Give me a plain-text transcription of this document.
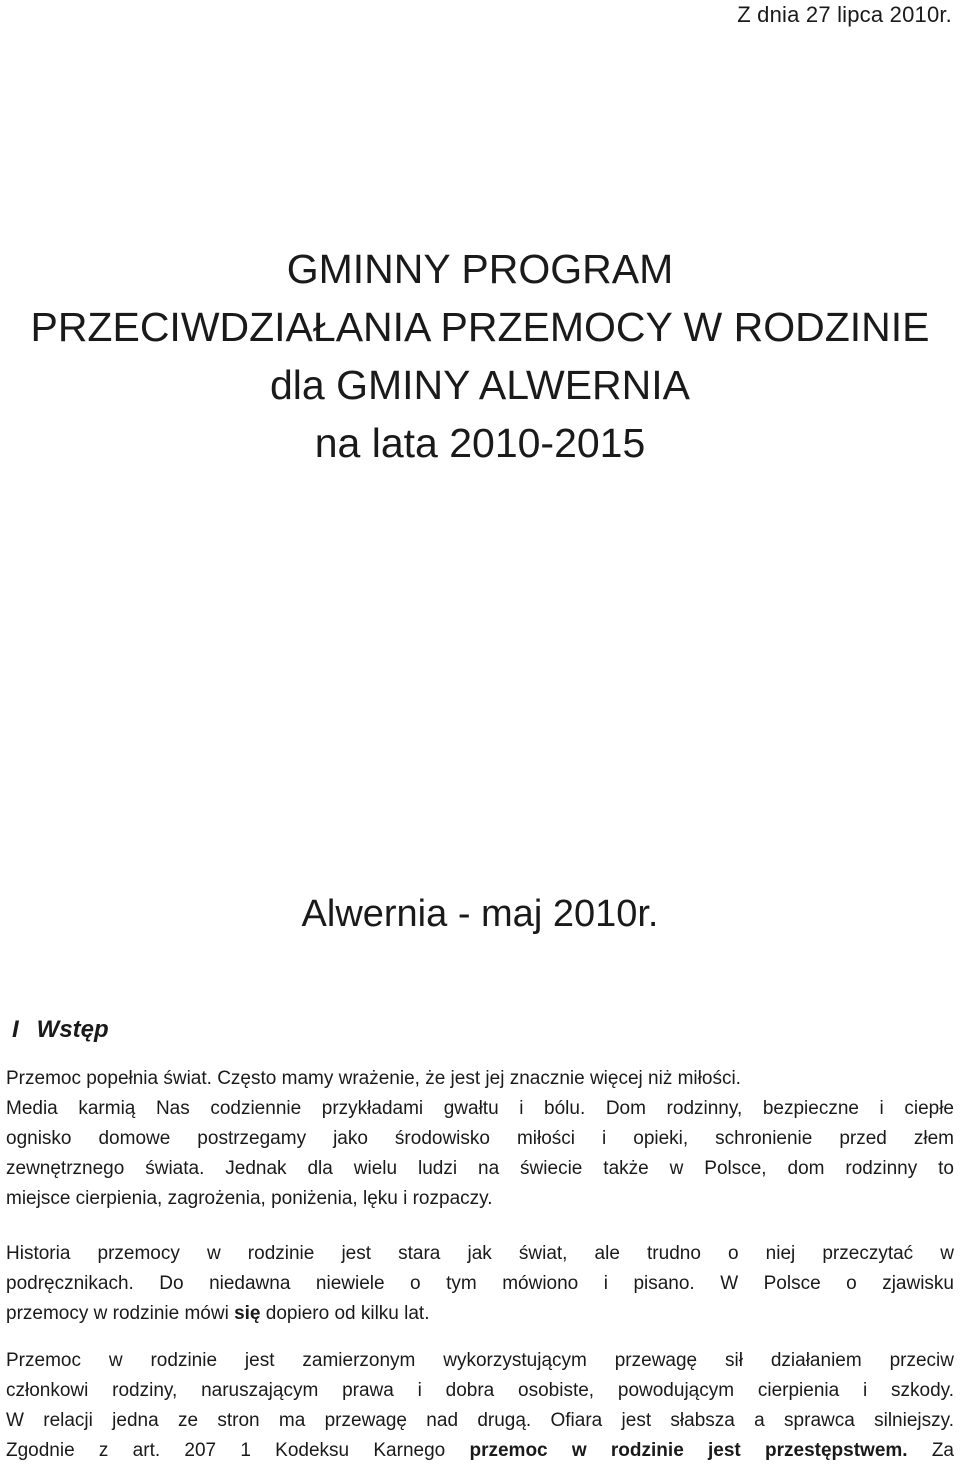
Z dnia 27 lipca 2010r.
GMINNY PROGRAM
PRZECIWDZIAŁANIA PRZEMOCY W RODZINIE
dla GMINY ALWERNIA
na lata 2010-2015
Alwernia - maj 2010r.
I Wstęp
Przemoc popełnia świat. Często mamy wrażenie, że jest jej znacznie więcej niż miłości.
Media karmią Nas codziennie przykładami gwałtu i bólu. Dom rodzinny, bezpieczne i ciepłe
ognisko domowe postrzegamy jako środowisko miłości i opieki, schronienie przed złem
zewnętrznego świata. Jednak dla wielu ludzi na świecie także w Polsce, dom rodzinny to
miejsce cierpienia, zagrożenia, poniżenia, lęku i rozpaczy.
Historia przemocy w rodzinie jest stara jak świat, ale trudno o niej przeczytać w
podręcznikach. Do niedawna niewiele o tym mówiono i pisano. W Polsce o zjawisku
przemocy w rodzinie mówi się dopiero od kilku lat.
Przemoc w rodzinie jest zamierzonym wykorzystującym przewagę sił działaniem przeciw
członkowi rodziny, naruszającym prawa i dobra osobiste, powodującym cierpienia i szkody.
W relacji jedna ze stron ma przewagę nad drugą. Ofiara jest słabsza a sprawca silniejszy.
Zgodnie z art. 207 1 Kodeksu Karnego przemoc w rodzinie jest przestępstwem. Za
